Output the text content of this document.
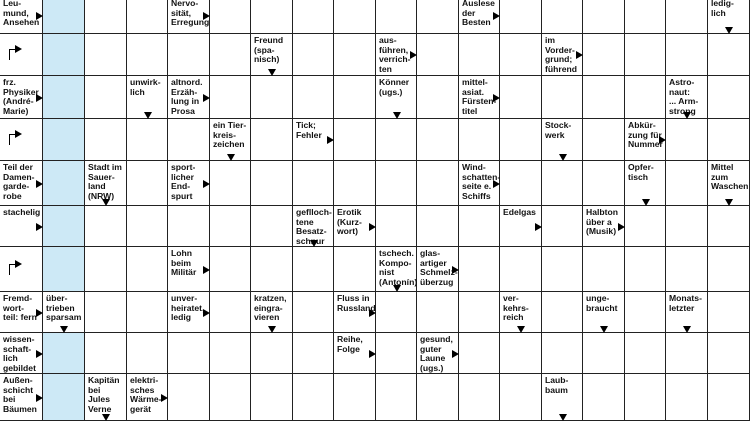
Leu-
mund,
Ansehen
Nervo-
sität,
Erregung
Auslese
der
Besten
ledig-
lich
Freund
(spa-
nisch)
aus-
führen,
verrich-
ten
im
Vorder-
grund;
führend
frz.
Physiker
(André-
Marie)
unwirk-
lich
altnord.
Erzäh-
lung in
Prosa
Könner
(ugs.)
mittel-
asiat.
Fürsten-
titel
Astro-
naut:
... Arm-
strong
ein Tier-
kreis-
zeichen
Tick;
Fehler
Stock-
werk
Abkür-
zung für
Nummer
Teil der
Damen-
garde-
robe
Stadt im
Sauer-
land
(NRW)
sport-
licher
End-
spurt
Wind-
schatten-
seite e.
Schiffs
Opfer-
tisch
Mittel
zum
Waschen
stachelig	geflloch-
tene
Besatz-
schnur
Erotik
(Kurz-
wort)
Edelgas	Halbton
über a
(Musik)
Lohn
beim
Militär
tschech.
Kompo-
nist
(Antonín)
glas-
artiger
Schmelz-
überzug
Fremd-
wort-
teil: fern
über-
trieben
sparsam
unver-
heiratet,
ledig
kratzen,
eingra-
vieren
Fluss in
Russland
ver-
kehrs-
reich
unge-
braucht
Monats-
letzter
wissen-
schaft-
lich
gebildet
Reihe,
Folge
gesund,
guter
Laune
(ugs.)
Außen-
schicht
bei
Bäumen
Kapitän
bei
Jules
Verne
elektri-
sches
Wärme-
gerät
Laub-
baum
